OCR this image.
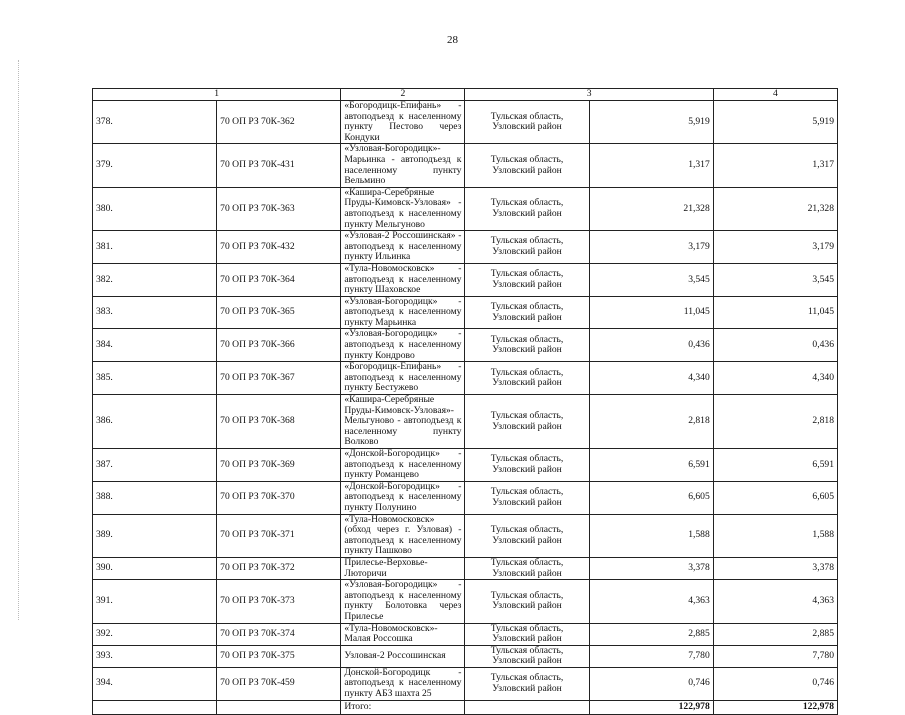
28
1		2	3		4
378.	70 ОП РЗ 70К-362	«Богородицк-Епифань» - автоподъезд к населенному пункту Пестово через Кондуки	Тульская область, Узловский район	5,919	5,919
379.	70 ОП РЗ 70К-431	«Узловая-Богородицк»-Марьинка - автоподъезд к населенному пункту Вельмино	Тульская область, Узловский район	1,317	1,317
380.	70 ОП РЗ 70К-363	«Кашира-Серебряные Пруды-Кимовск-Узловая» - автоподъезд к населенному пункту Мельгуново	Тульская область, Узловский район	21,328	21,328
381.	70 ОП РЗ 70К-432	«Узловая-2 Россошинская» - автоподъезд к населенному пункту Ильинка	Тульская область, Узловский район	3,179	3,179
382.	70 ОП РЗ 70К-364	«Тула-Новомосковск» - автоподъезд к населенному пункту Шаховское	Тульская область, Узловский район	3,545	3,545
383.	70 ОП РЗ 70К-365	«Узловая-Богородицк» - автоподъезд к населенному пункту Марьинка	Тульская область, Узловский район	11,045	11,045
384.	70 ОП РЗ 70К-366	«Узловая-Богородицк» - автоподъезд к населенному пункту Кондрово	Тульская область, Узловский район	0,436	0,436
385.	70 ОП РЗ 70К-367	«Богородицк-Епифань» - автоподъезд к населенному пункту Бестужево	Тульская область, Узловский район	4,340	4,340
386.	70 ОП РЗ 70К-368	«Кашира-Серебряные Пруды-Кимовск-Узловая»-Мельгуново - автоподъезд к населенному пункту Волково	Тульская область, Узловский район	2,818	2,818
387.	70 ОП РЗ 70К-369	«Донской-Богородицк» - автоподъезд к населенному пункту Романцево	Тульская область, Узловский район	6,591	6,591
388.	70 ОП РЗ 70К-370	«Донской-Богородицк» - автоподъезд к населенному пункту Полунино	Тульская область, Узловский район	6,605	6,605
389.	70 ОП РЗ 70К-371	«Тула-Новомосковск» (обход через г. Узловая) - автоподъезд к населенному пункту Пашково	Тульская область, Узловский район	1,588	1,588
390.	70 ОП РЗ 70К-372	Прилесье-Верховье-Лютоpичи	Тульская область, Узловский район	3,378	3,378
391.	70 ОП РЗ 70К-373	«Узловая-Богородицк» - автоподъезд к населенному пункту Болотовка через Прилесье	Тульская область, Узловский район	4,363	4,363
392.	70 ОП РЗ 70К-374	«Тула-Новомосковск»-Малая Россошка	Тульская область, Узловский район	2,885	2,885
393.	70 ОП РЗ 70К-375	Узловая-2 Россошинская	Тульская область, Узловский район	7,780	7,780
394.	70 ОП РЗ 70К-459	Донской-Богородицк - автоподъезд к населенному пункту АБЗ шахта 25	Тульская область, Узловский район	0,746	0,746
		Итого:		122,978	122,978
